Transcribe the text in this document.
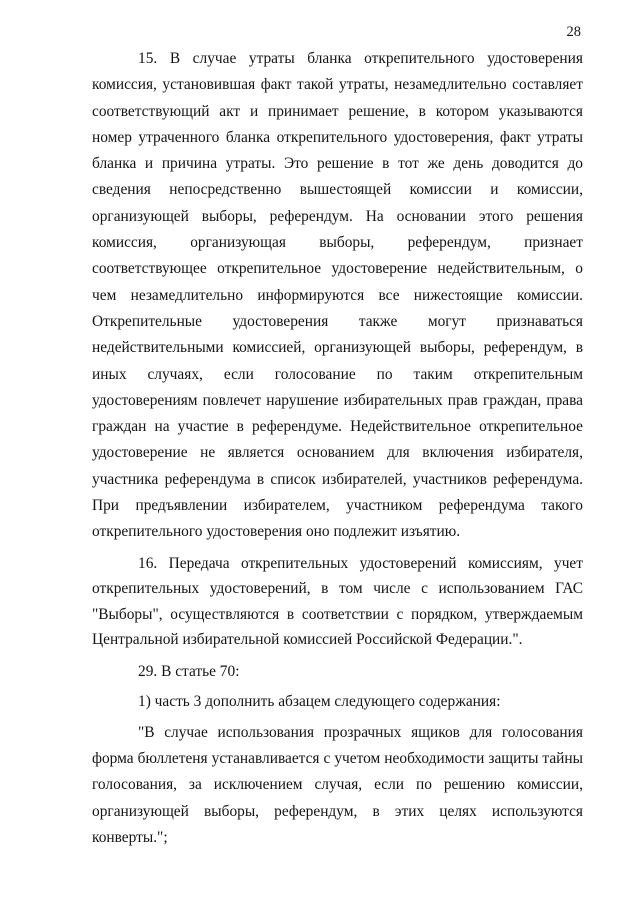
28

15. В случае утраты бланка открепительного удостоверения комиссия, установившая факт такой утраты, незамедлительно составляет соответствующий акт и принимает решение, в котором указываются номер утраченного бланка открепительного удостоверения, факт утраты бланка и причина утраты. Это решение в тот же день доводится до сведения непосредственно вышестоящей комиссии и комиссии, организующей выборы, референдум. На основании этого решения комиссия, организующая выборы, референдум, признает соответствующее открепительное удостоверение недействительным, о чем незамедлительно информируются все нижестоящие комиссии. Открепительные удостоверения также могут признаваться недействительными комиссией, организующей выборы, референдум, в иных случаях, если голосование по таким открепительным удостоверениям повлечет нарушение избирательных прав граждан, права граждан на участие в референдуме. Недействительное открепительное удостоверение не является основанием для включения избирателя, участника референдума в список избирателей, участников референдума. При предъявлении избирателем, участником референдума такого открепительного удостоверения оно подлежит изъятию.

16. Передача открепительных удостоверений комиссиям, учет открепительных удостоверений, в том числе с использованием ГАС "Выборы", осуществляются в соответствии с порядком, утверждаемым Центральной избирательной комиссией Российской Федерации.".

29. В статье 70:

1) часть 3 дополнить абзацем следующего содержания:

"В случае использования прозрачных ящиков для голосования форма бюллетеня устанавливается с учетом необходимости защиты тайны голосования, за исключением случая, если по решению комиссии, организующей выборы, референдум, в этих целях используются конверты.";
